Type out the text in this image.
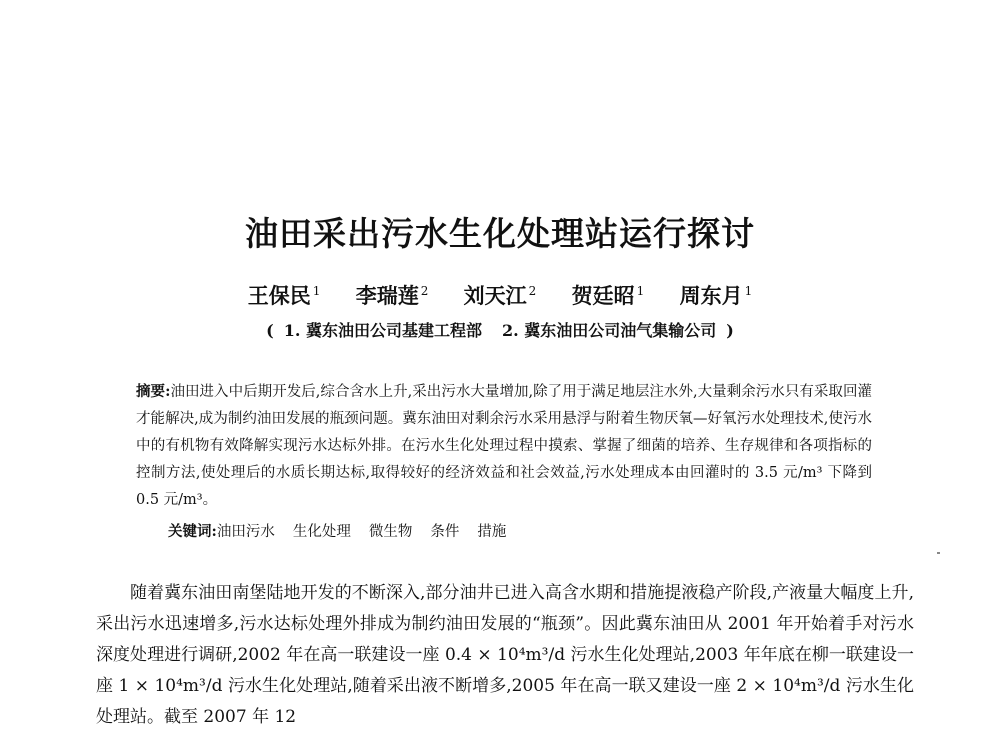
油田采出污水生化处理站运行探讨
王保民 $^1$ 李瑞莲 $^2$ 刘天江 $^2$ 贺廷昭 $^1$ 周东月 $^1$
( 1. 冀东油田公司基建工程部 2. 冀东油田公司油气集输公司 )
摘要:油田进入中后期开发后,综合含水上升,采出污水大量增加,除了用于满足地层注水外,大量剩余污水只有采取回灌才能解决,成为制约油田发展的瓶颈问题。冀东油田对剩余污水采用悬浮与附着生物厌氧—好氧污水处理技术,使污水中的有机物有效降解实现污水达标外排。在污水生化处理过程中摸索、掌握了细菌的培养、生存规律和各项指标的控制方法,使处理后的水质长期达标,取得较好的经济效益和社会效益,污水处理成本由回灌时的 3.5 元/m³ 下降到 0.5 元/m³。
关键词:油田污水 生化处理 微生物 条件 措施
随着冀东油田南堡陆地开发的不断深入,部分油井已进入高含水期和措施提液稳产阶段,产液量大幅度上升,采出污水迅速增多,污水达标处理外排成为制约油田发展的“瓶颈”。因此冀东油田从 2001 年开始着手对污水深度处理进行调研,2002 年在高一联建设一座 0.4 × 10⁴m³/d 污水生化处理站,2003 年年底在柳一联建设一座 1 × 10⁴m³/d 污水生化处理站,随着采出液不断增多,2005 年在高一联又建设一座 2 × 10⁴m³/d 污水生化处理站。截至 2007 年 12
